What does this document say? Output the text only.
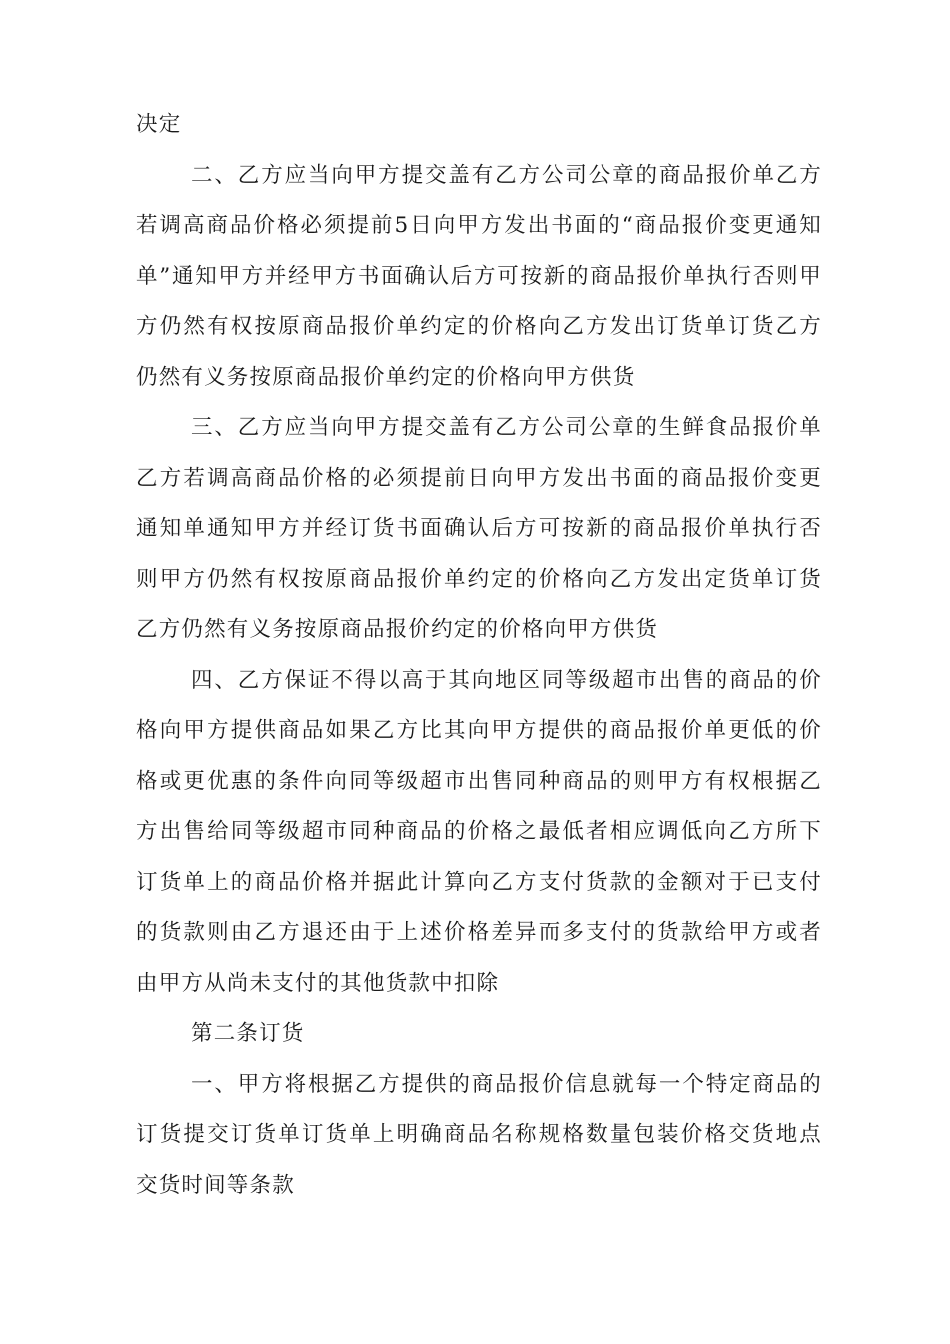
决定

二、乙方应当向甲方提交盖有乙方公司公章的商品报价单乙方若调高商品价格必须提前5日向甲方发出书面的“商品报价变更通知单”通知甲方并经甲方书面确认后方可按新的商品报价单执行否则甲方仍然有权按原商品报价单约定的价格向乙方发出订货单订货乙方 仍然有义务按原商品报价单约定的价格向甲方供货

三、乙方应当向甲方提交盖有乙方公司公章的生鲜食品报价单乙方若调高商品价格的必须提前日向甲方发出书面的商品报价变更 通知单通知甲方并经订货书面确认后方可按新的商品报价单执行否 则甲方仍然有权按原商品报价单约定的价格向乙方发出定货单订货 乙方仍然有义务按原商品报价约定的价格向甲方供货

四、乙方保证不得以高于其向地区同等级超市出售的商品的价格向甲方提供商品如果乙方比其向甲方提供的商品报价单更低的价 格或更优惠的条件向同等级超市出售同种商品的则甲方有权根据乙 方出售给同等级超市同种商品的价格之最低者相应调低向乙方所下 订货单上的商品价格并据此计算向乙方支付货款的金额对于已支付 的货款则由乙方退还由于上述价格差异而多支付的货款给甲方或者 由甲方从尚未支付的其他货款中扣除

第二条订货

一、甲方将根据乙方提供的商品报价信息就每一个特定商品的订货提交订货单订货单上明确商品名称规格数量包装价格交货地点 交货时间等条款
